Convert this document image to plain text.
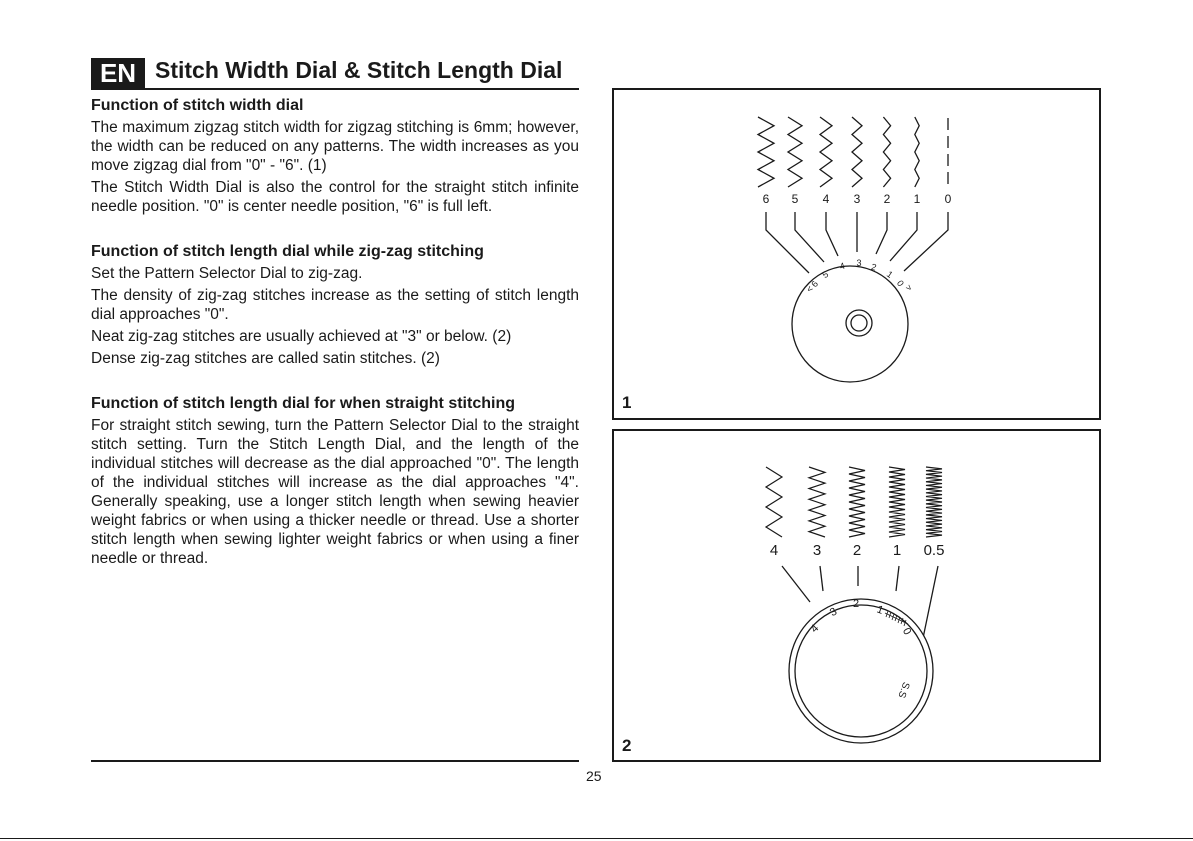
EN Stitch Width Dial & Stitch Length Dial

Function of stitch width dial

The maximum zigzag stitch width for zigzag stitching is 6mm; however, the width can be reduced on any patterns. The width increases as you move zigzag dial from "0" - "6". (1)

The Stitch Width Dial is also the control for the straight stitch infinite needle position. "0" is center needle position, "6" is full left.

Function of stitch length dial while zig-zag stitching

Set the Pattern Selector Dial to zig-zag.

The density of zig-zag stitches increase as the setting of stitch length dial approaches "0".

Neat zig-zag stitches are usually achieved at "3" or below. (2)

Dense zig-zag stitches are called satin stitches. (2)

Function of stitch length dial for when straight stitching

For straight stitch sewing, turn the Pattern Selector Dial to the straight stitch setting. Turn the Stitch Length Dial, and the length of the individual stitches will decrease as the dial approached "0". The length of the individual stitches will increase as the dial approaches "4". Generally speaking, use a longer stitch length when sewing heavier weight fabrics or when using a thicker needle or thread. Use a shorter stitch length when sewing lighter weight fabrics or when using a finer needle or thread.

25
6 5 4 3 2 1 0
6
5
4 3 2
1
0
<	>
1
4 3 2 1 0.5
4
3
2 1
0
S.S
2
